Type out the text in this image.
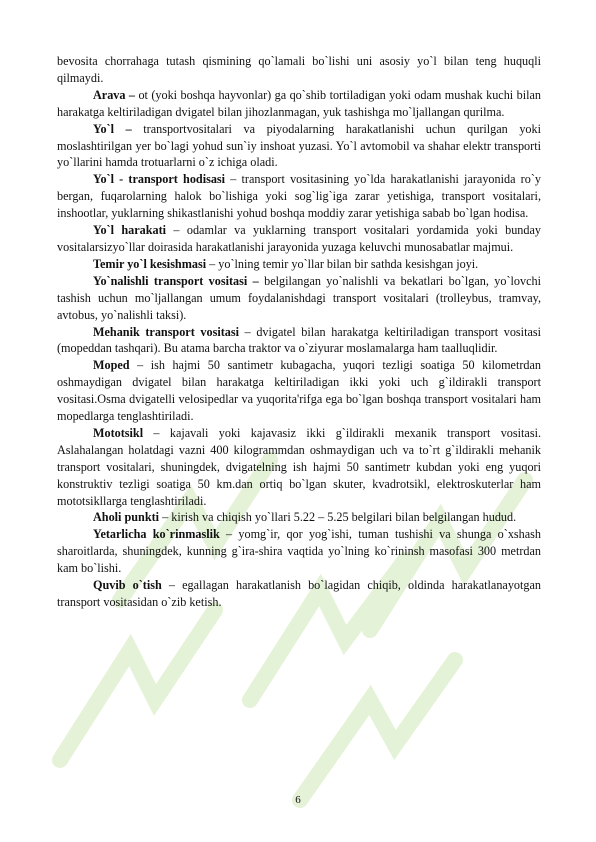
bevosita chorrahaga tutash qismining qo`lamali bo`lishi uni asosiy yo`l bilan teng huquqli qilmaydi.

Arava – ot (yoki boshqa hayvonlar) ga qo`shib tortiladigan yoki odam mushak kuchi bilan harakatga keltiriladigan dvigatel bilan jihozlanmagan, yuk tashishga mo`ljallangan qurilma.

Yo`l – transportvositalari va piyodalarning harakatlanishi uchun qurilgan yoki moslashtirilgan yer bo`lagi yohud sun`iy inshoat yuzasi. Yo`l avtomobil va shahar elektr transporti yo`llarini hamda trotuarlarni o`z ichiga oladi.

Yo`l - transport hodisasi – transport vositasining yo`lda harakatlanishi jarayonida ro`y bergan, fuqarolarning halok bo`lishiga yoki sog`lig`iga zarar yetishiga, transport vositalari, inshootlar, yuklarning shikastlanishi yohud boshqa moddiy zarar yetishiga sabab bo`lgan hodisa.

Yo`l harakati – odamlar va yuklarning transport vositalari yordamida yoki bunday vositalarsizyo`llar doirasida harakatlanishi jarayonida yuzaga keluvchi munosabatlar majmui.

Temir yo`l kesishmasi – yo`lning temir yo`llar bilan bir sathda kesishgan joyi.

Yo`nalishli transport vositasi – belgilangan yo`nalishli va bekatlari bo`lgan, yo`lovchi tashish uchun mo`ljallangan umum foydalanishdagi transport vositalari (trolleybus, tramvay, avtobus, yo`nalishli taksi).

Mehanik transport vositasi – dvigatel bilan harakatga keltiriladigan transport vositasi (mopeddan tashqari). Bu atama barcha traktor va o`ziyurar moslamalarga ham taalluqlidir.

Moped – ish hajmi 50 santimetr kubagacha, yuqori tezligi soatiga 50 kilometrdan oshmaydigan dvigatel bilan harakatga keltiriladigan ikki yoki uch g`ildirakli transport vositasi.Osma dvigatelli velosipedlar va yuqorita'rifga ega bo`lgan boshqa transport vositalari ham mopedlarga tenglashtiriladi.

Mototsikl – kajavali yoki kajavasiz ikki g`ildirakli mexanik transport vositasi. Aslahalangan holatdagi vazni 400 kilogrammdan oshmaydigan uch va to`rt g`ildirakli mehanik transport vositalari, shuningdek, dvigatelning ish hajmi 50 santimetr kubdan yoki eng yuqori konstruktiv tezligi soatiga 50 km.dan ortiq bo`lgan skuter, kvadrotsikl, elektroskuterlar ham mototsikllarga tenglashtiriladi.

Aholi punkti – kirish va chiqish yo`llari 5.22 – 5.25 belgilari bilan belgilangan hudud.

Yetarlicha ko`rinmaslik – yomg`ir, qor yog`ishi, tuman tushishi va shunga o`xshash sharoitlarda, shuningdek, kunning g`ira-shira vaqtida yo`lning ko`rininsh masofasi 300 metrdan kam bo`lishi.

Quvib o`tish – egallagan harakatlanish bo`lagidan chiqib, oldinda harakatlanayotgan transport vositasidan o`zib ketish.

6
